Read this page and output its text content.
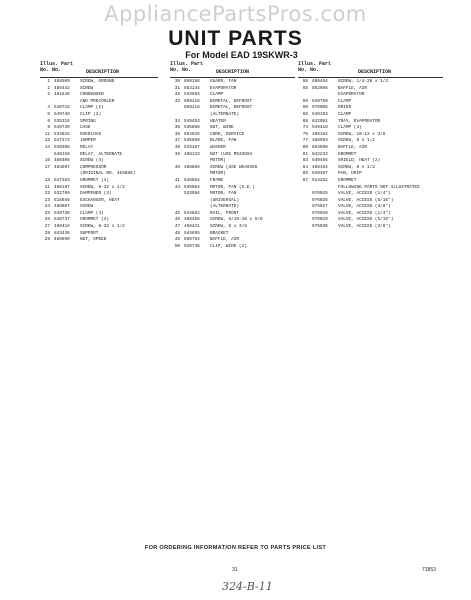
AppliancePartsPros.com
UNIT PARTS
For Model EAD 19SKWR-3
Illus. Part
No. No.	DESCRIPTION
1 488509	SCREW, GROUND
2 488442	SCREW
3 481846	CONDENSER
AND PRECOOLER
4 510716	CLAMP (2)
5 549748	CLIP (2)
6 535316	SPRING
9 549749	CASE
11 533842	OVERLOAD
13 547272	JUMPER
14 549398	RELAY
548159	RELAY, ALTERNATE
16 488406	SCREW (4)
17 463897	COMPRESSOR
(ORIGINAL NO. 463888)
18 547263	GROMMET (4)
21 488197	SCREW, 8-32 x 1/2
22 532769	DAMPENER (3)
23 816948	EXCHANGER, HEAT
24 488807	SCREW
25 549738	CLAMP (4)
26 549737	GROMMET (4)
27 488416	SCREW, 8-32 x 1/2
28 843436	SUPPORT
29 488690	NUT, SPEED
Illus. Part
No. No.	DESCRIPTION
30 850156	GUARD, FAN
31 853144	EVAPORATOR
32 533584	CLAMP
33 859115	BIMETAL, DEFROST
859116	BIMETAL, DEFROST
(ALTERNATE)
34 549453	HEATER
35 535858	NUT, WIRE
36 852626	CORD, SERVICE
37 535569	BLADE, FAN
38 533107	WASHER
39 488133	NUT (USE M533594
MOTOR)
40 488866	SCREW (USE W549356
MOTOR)
41 548654	FRAME
44 549064	MOTOR, FAN (G.E.)
533594	MOTOR, FAN
(UNIVERSAL)
(ALTERNATE)
45 544662	RAIL, FRONT
46 488465	SCREW, 5/16-18 x 5/8
47 488421	SCREW, 8 x 3/8
48 544695	BRACKET
49 856764	BAFFLE, AIR
50 549746	CLIP, WIRE (2)
Illus. Part
No. No.	DESCRIPTION
56 488454	SCREW, 1/4-28 x 1/2
58 852986	BAFFLE, AIR
EVAPORATOR
59 549760	CLAMP
60 976085	DRIER
65 549193	CLAMP
68 842091	TRAY, EVAPORATOR
74 549419	CLAMP (4)
75 488182	SCREW, 10-12 x 3/8
77 488993	SCREW, 8 x 1/2
80 854699	BAFFLE, AIR
81 842233	GROMMET
83 549455	SHIELD, HEAT (2)
84 488194	SCREW, 8 x 1/2
85 549387	PAN, DRIP
87 514252	GROMMET
FOLLOWING PARTS NOT ILLUSTRATED
976025	VALVE, ACCESS (1/4")
976026	VALVE, ACCESS (5/16")
976027	VALVE, ACCESS (3/8")
976028	VALVE, ACCESS (1/4")
976029	VALVE, ACCESS (5/16")
976030	VALVE, ACCESS (3/8")
FOR ORDERING INFORMATION REFER TO PARTS PRICE LIST
31	71853
324-B-11
